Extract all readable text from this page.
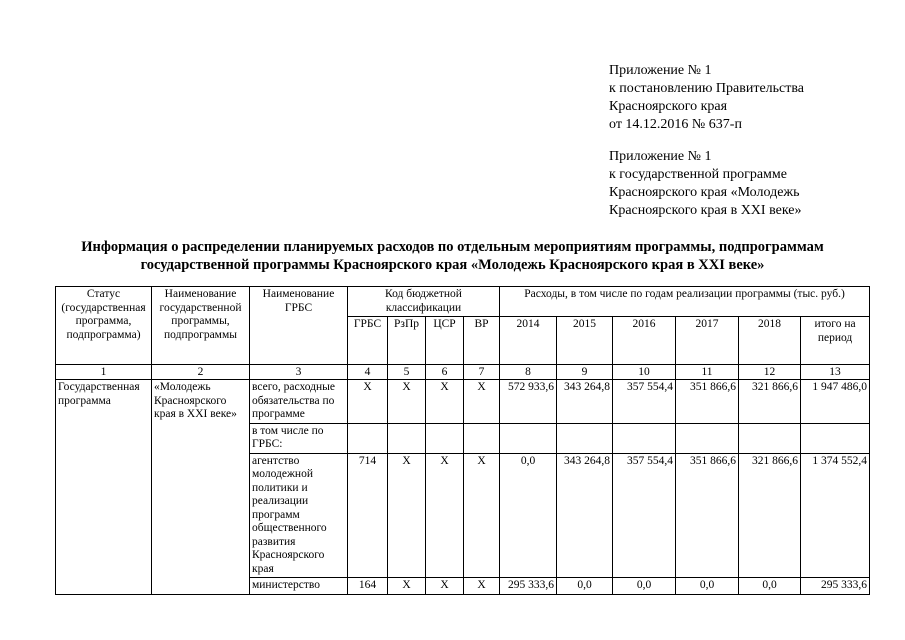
Приложение № 1
к постановлению Правительства
Красноярского края
от 14.12.2016 № 637-п
Приложение № 1
к государственной программе
Красноярского края «Молодежь
Красноярского края в XXI веке»
Информация о распределении планируемых расходов по отдельным мероприятиям программы, подпрограммам
государственной программы Красноярского края «Молодежь Красноярского края в XXI веке»
Статус (государственная программа, подпрограмма)	Наименование государственной программы, подпрограммы	Наименование ГРБС	Код бюджетной классификации				Расходы, в том числе по годам реализации программы (тыс. руб.)					
			ГРБС	РзПр	ЦСР	ВР	2014	2015	2016	2017	2018	итого на период
1	2	3	4	5	6	7	8	9	10	11	12	13
Государственная программа	«Молодежь Красноярского края в XXI веке»	всего, расходные обязательства по программе	X	X	X	X	572 933,6	343 264,8	357 554,4	351 866,6	321 866,6	1 947 486,0
		в том числе по ГРБС:										
		агентство молодежной политики и реализации программ общественного развития Красноярского края	714	X	X	X	0,0	343 264,8	357 554,4	351 866,6	321 866,6	1 374 552,4
		министерство	164	X	X	X	295 333,6	0,0	0,0	0,0	0,0	295 333,6
